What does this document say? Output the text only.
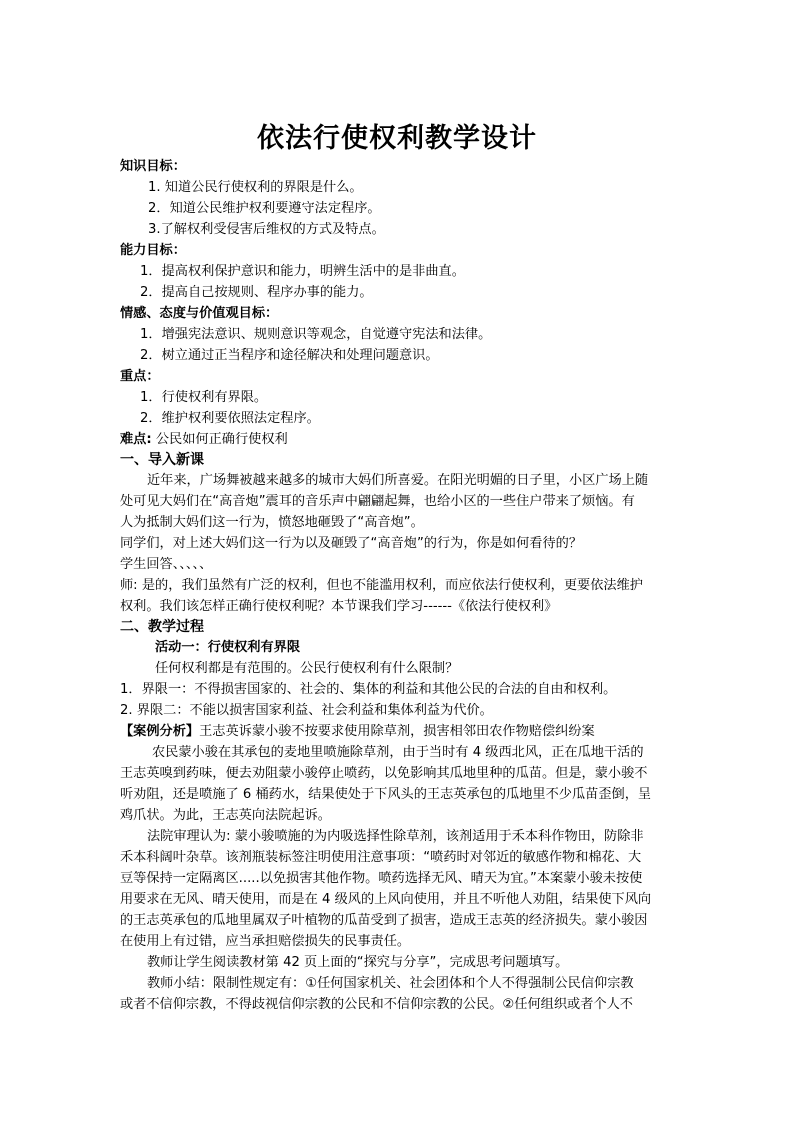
依法行使权利教学设计
知识目标：
1. 知道公民行使权利的界限是什么。
2．知道公民维护权利要遵守法定程序。
3.了解权利受侵害后维权的方式及特点。
能力目标：
1．提高权利保护意识和能力，明辨生活中的是非曲直。
2．提高自己按规则、程序办事的能力。
情感、态度与价值观目标：
1．增强宪法意识、规则意识等观念，自觉遵守宪法和法律。
2．树立通过正当程序和途径解决和处理问题意识。
重点：
1．行使权利有界限。
2．维护权利要依照法定程序。
难点: 公民如何正确行使权利
一、导入新课
近年来，广场舞被越来越多的城市大妈们所喜爱。在阳光明媚的日子里，小区广场上随
处可见大妈们在“高音炮”震耳的音乐声中翩翩起舞，也给小区的一些住户带来了烦恼。有
人为抵制大妈们这一行为，愤怒地砸毁了“高音炮”。
同学们，对上述大妈们这一行为以及砸毁了“高音炮”的行为，你是如何看待的？
学生回答、、、、、
师: 是的，我们虽然有广泛的权利，但也不能滥用权利，而应依法行使权利，更要依法维护
权利。我们该怎样正确行使权利呢？本节课我们学习------《依法行使权利》
二、教学过程
活动一：行使权利有界限
任何权利都是有范围的。公民行使权利有什么限制？
1．界限一：不得损害国家的、社会的、集体的利益和其他公民的合法的自由和权利。
2. 界限二：不能以损害国家利益、社会利益和集体利益为代价。
【案例分析】王志英诉蒙小骏不按要求使用除草剂，损害相邻田农作物赔偿纠纷案
农民蒙小骏在其承包的麦地里喷施除草剂，由于当时有 4 级西北风，正在瓜地干活的
王志英嗅到药味，便去劝阻蒙小骏停止喷药，以免影响其瓜地里种的瓜苗。但是，蒙小骏不
听劝阻，还是喷施了 6 桶药水，结果使处于下风头的王志英承包的瓜地里不少瓜苗歪倒，呈
鸡爪状。为此，王志英向法院起诉。
法院审理认为: 蒙小骏喷施的为内吸选择性除草剂，该剂适用于禾本科作物田，防除非
禾本科阔叶杂草。该剂瓶装标签注明使用注意事项：“喷药时对邻近的敏感作物和棉花、大
豆等保持一定隔离区.....以免损害其他作物。喷药选择无风、晴天为宜。”本案蒙小骏未按使
用要求在无风、晴天使用，而是在 4 级风的上风向使用，并且不听他人劝阻，结果使下风向
的王志英承包的瓜地里属双子叶植物的瓜苗受到了损害，造成王志英的经济损失。蒙小骏因
在使用上有过错，应当承担赔偿损失的民事责任。
教师让学生阅读教材第 42 页上面的“探究与分享”，完成思考问题填写。
教师小结：限制性规定有：①任何国家机关、社会团体和个人不得强制公民信仰宗教
或者不信仰宗教，不得歧视信仰宗教的公民和不信仰宗教的公民。②任何组织或者个人不
